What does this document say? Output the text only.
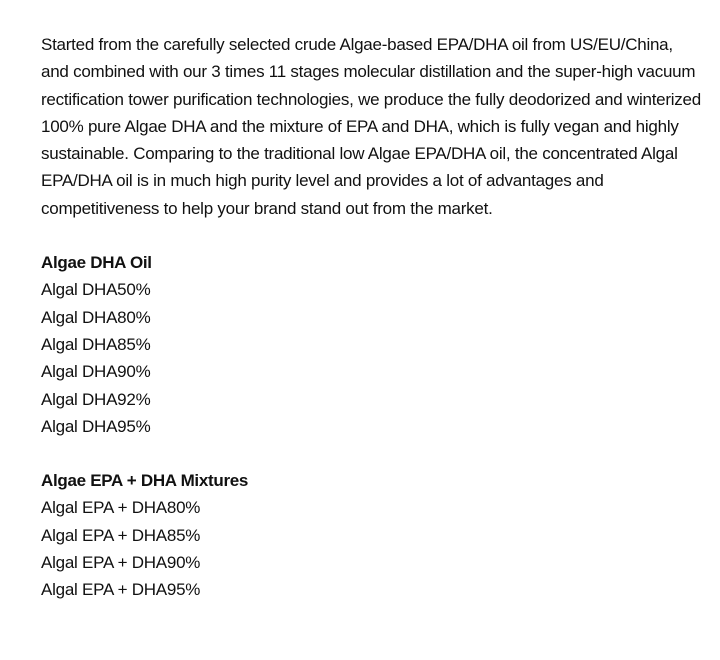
Started from the carefully selected crude Algae-based EPA/DHA oil from US/EU/China, and combined with our 3 times 11 stages molecular distillation and the super-high vacuum rectification tower purification technologies, we produce the fully deodorized and winterized 100% pure Algae DHA and the mixture of EPA and DHA, which is fully vegan and highly sustainable. Comparing to the traditional low Algae EPA/DHA oil, the concentrated Algal EPA/DHA oil is in much high purity level and provides a lot of advantages and competitiveness to help your brand stand out from the market.

Algae DHA Oil
Algal DHA50%
Algal DHA80%
Algal DHA85%
Algal DHA90%
Algal DHA92%
Algal DHA95%
Algae EPA + DHA Mixtures
Algal EPA + DHA80%
Algal EPA + DHA85%
Algal EPA + DHA90%
Algal EPA + DHA95%
